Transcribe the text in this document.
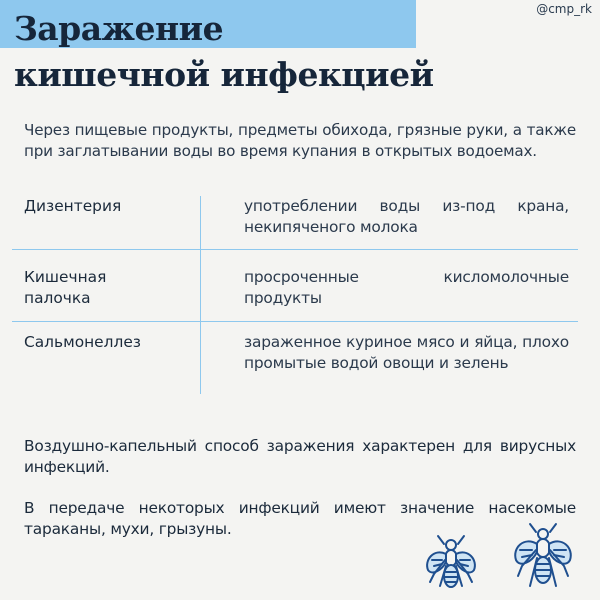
Заражение
кишечной инфекцией
@cmp_rk
Через пищевые продукты, предметы обихода, грязные руки, а также при заглатывании воды во время купания в открытых водоемах.
Дизентерия	употреблении воды из-под крана, некипяченого молока
Кишечная палочка
просроченные кисломолочные
продукты
Сальмонеллез	зараженное куриное мясо и яйца, плохо промытые водой овощи и зелень
Воздушно-капельный способ заражения характерен для вирусных инфекций.
В передаче некоторых инфекций имеют значение насекомые тараканы, мухи, грызуны.
